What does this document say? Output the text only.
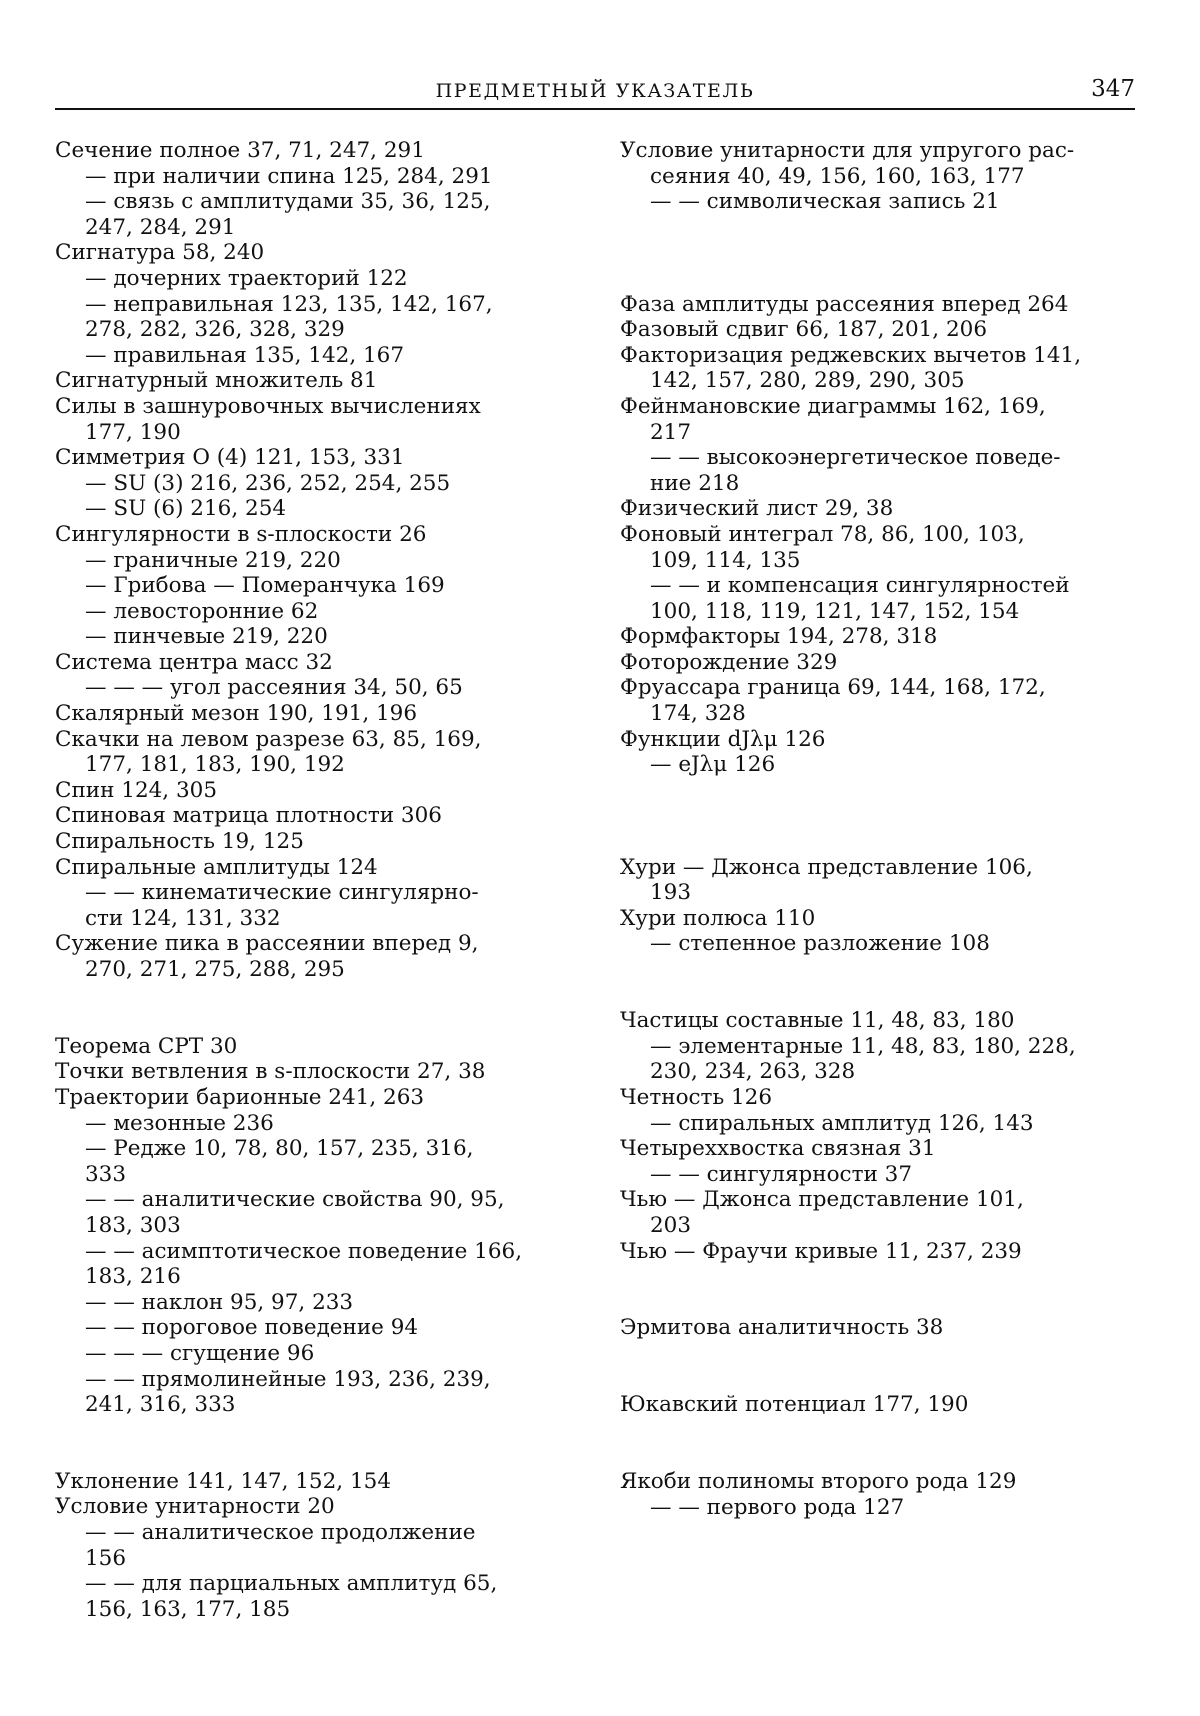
ПРЕДМЕТНЫЙ УКАЗАТЕЛЬ	347
Сечение полное 37, 71, 247, 291
— при наличии спина 125, 284, 291
— связь с амплитудами 35, 36, 125,
247, 284, 291
Сигнатура 58, 240
— дочерних траекторий 122
— неправильная 123, 135, 142, 167,
278, 282, 326, 328, 329
— правильная 135, 142, 167
Сигнатурный множитель 81
Силы в зашнуровочных вычислениях
177, 190
Симметрия O (4) 121, 153, 331
— SU (3) 216, 236, 252, 254, 255
— SU (6) 216, 254
Сингулярности в s-плоскости 26
— граничные 219, 220
— Грибова — Померанчука 169
— левосторонние 62
— пинчевые 219, 220
Система центра масс 32
— — — угол рассеяния 34, 50, 65
Скалярный мезон 190, 191, 196
Скачки на левом разрезе 63, 85, 169,
177, 181, 183, 190, 192
Спин 124, 305
Спиновая матрица плотности 306
Спиральность 19, 125
Спиральные амплитуды 124
— — кинематические сингулярно-
сти 124, 131, 332
Сужение пика в рассеянии вперед 9,
270, 271, 275, 288, 295
Теорема CPT 30
Точки ветвления в s-плоскости 27, 38
Траектории барионные 241, 263
— мезонные 236
— Редже 10, 78, 80, 157, 235, 316,
333
— — аналитические свойства 90, 95,
183, 303
— — асимптотическое поведение 166,
183, 216
— — наклон 95, 97, 233
— — пороговое поведение 94
— — — сгущение 96
— — прямолинейные 193, 236, 239,
241, 316, 333
Уклонение 141, 147, 152, 154
Условие унитарности 20
— — аналитическое продолжение
156
— — для парциальных амплитуд 65,
156, 163, 177, 185
Условие унитарности для упругого рас-
сеяния 40, 49, 156, 160, 163, 177
— — символическая запись 21
Фаза амплитуды рассеяния вперед 264
Фазовый сдвиг 66, 187, 201, 206
Факторизация реджевских вычетов 141,
142, 157, 280, 289, 290, 305
Фейнмановские диаграммы 162, 169,
217
— — высокоэнергетическое поведе-
ние 218
Физический лист 29, 38
Фоновый интеграл 78, 86, 100, 103,
109, 114, 135
— — и компенсация сингулярностей
100, 118, 119, 121, 147, 152, 154
Формфакторы 194, 278, 318
Фоторождение 329
Фруассара граница 69, 144, 168, 172,
174, 328
Функции dJλμ 126
— eJλμ 126
Хури — Джонса представление 106,
193
Хури полюса 110
— степенное разложение 108
Частицы составные 11, 48, 83, 180
— элементарные 11, 48, 83, 180, 228,
230, 234, 263, 328
Четность 126
— спиральных амплитуд 126, 143
Четыреххвостка связная 31
— — сингулярности 37
Чью — Джонса представление 101,
203
Чью — Фраучи кривые 11, 237, 239
Эрмитова аналитичность 38
Юкавский потенциал 177, 190
Якоби полиномы второго рода 129
— — первого рода 127
